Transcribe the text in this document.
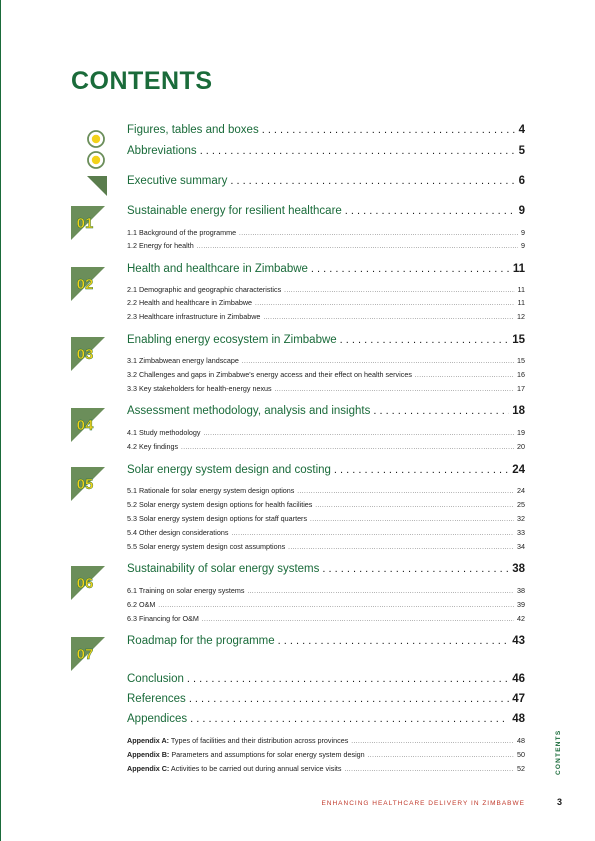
CONTENTS
01
02
03
04
05
06
07
Figures, tables and boxes . . .	4
Abbreviations . . .	5
Executive summary . . .	6
Sustainable energy for resilient healthcare . . .	9
1.1 Background of the programme . . .	9
1.2 Energy for health . . .	9
Health and healthcare in Zimbabwe . . .	11
2.1 Demographic and geographic characteristics . . .	11
2.2 Health and healthcare in Zimbabwe . . .	11
2.3 Healthcare infrastructure in Zimbabwe . . .	12
Enabling energy ecosystem in Zimbabwe . . .	15
3.1 Zimbabwean energy landscape . . .	15
3.2 Challenges and gaps in Zimbabwe's energy access and their effect on health services . . .	16
3.3 Key stakeholders for health-energy nexus . . .	17
Assessment methodology, analysis and insights . . .	18
4.1 Study methodology . . .	19
4.2 Key findings . . .	20
Solar energy system design and costing . . .	24
5.1 Rationale for solar energy system design options . . .	24
5.2 Solar energy system design options for health facilities . . .	25
5.3 Solar energy system design options for staff quarters . . .	32
5.4 Other design considerations . . .	33
5.5 Solar energy system design cost assumptions . . .	34
Sustainability of solar energy systems . . .	38
6.1 Training on solar energy systems . . .	38
6.2 O&M . . .	39
6.3 Financing for O&M . . .	42
Roadmap for the programme . . .	43
Conclusion . . .	46
References . . .	47
Appendices . . .	48
Appendix A: Types of facilities and their distribution across provinces . . .	48
Appendix B: Parameters and assumptions for solar energy system design . . .	50
Appendix C: Activities to be carried out during annual service visits . . .	52	CONTENTS
ENHANCING HEALTHCARE DELIVERY IN ZIMBABWE	3
